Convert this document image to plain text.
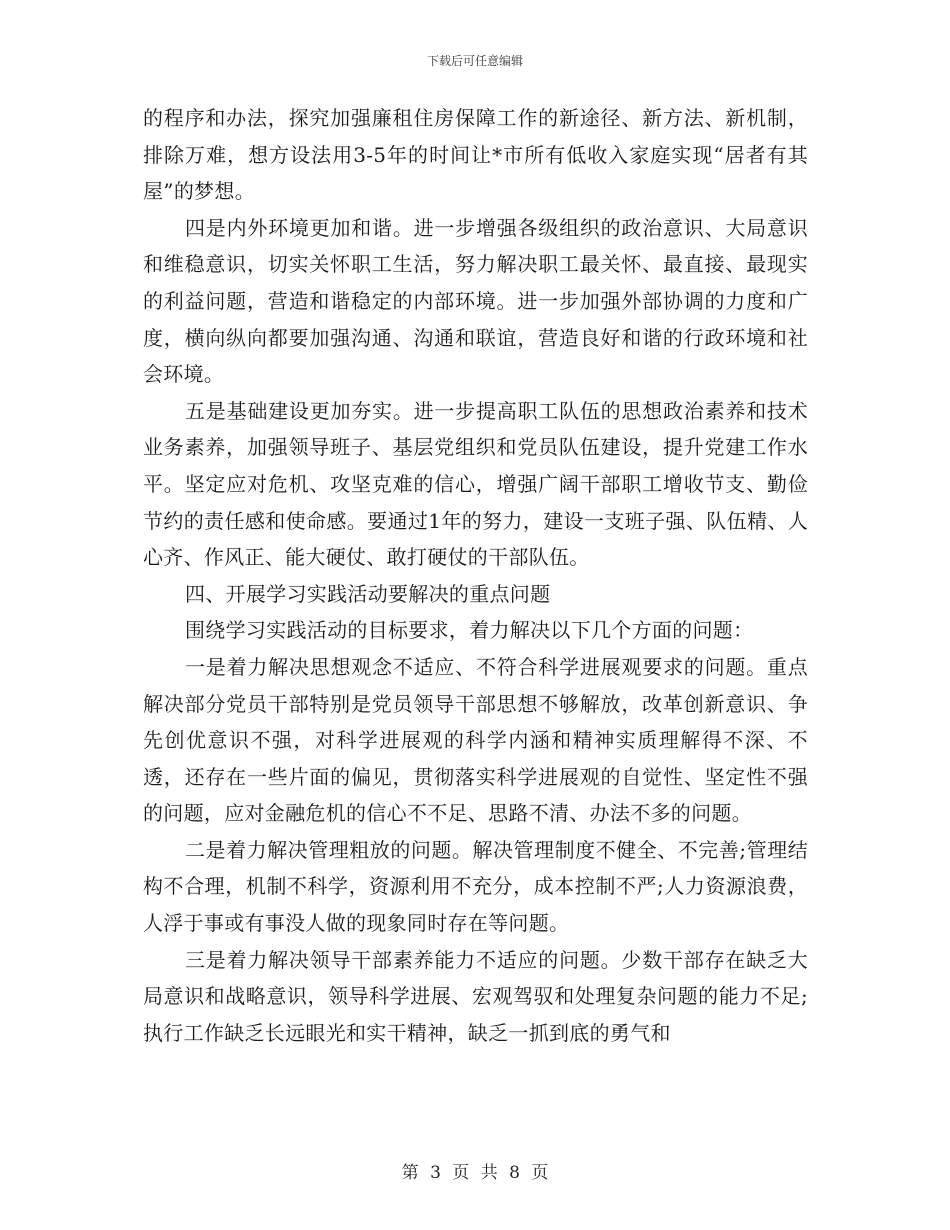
下载后可任意编辑

的程序和办法，探究加强廉租住房保障工作的新途径、新方法、新机制，排除万难，想方设法用3-5年的时间让*市所有低收入家庭实现“居者有其屋”的梦想。

四是内外环境更加和谐。进一步增强各级组织的政治意识、大局意识和维稳意识，切实关怀职工生活，努力解决职工最关怀、最直接、最现实的利益问题，营造和谐稳定的内部环境。进一步加强外部协调的力度和广度，横向纵向都要加强沟通、沟通和联谊，营造良好和谐的行政环境和社会环境。

五是基础建设更加夯实。进一步提高职工队伍的思想政治素养和技术业务素养，加强领导班子、基层党组织和党员队伍建设，提升党建工作水平。坚定应对危机、攻坚克难的信心，增强广阔干部职工增收节支、勤俭节约的责任感和使命感。要通过1年的努力，建设一支班子强、队伍精、人心齐、作风正、能大硬仗、敢打硬仗的干部队伍。

四、开展学习实践活动要解决的重点问题

围绕学习实践活动的目标要求，着力解决以下几个方面的问题：

一是着力解决思想观念不适应、不符合科学进展观要求的问题。重点解决部分党员干部特别是党员领导干部思想不够解放，改革创新意识、争先创优意识不强，对科学进展观的科学内涵和精神实质理解得不深、不透，还存在一些片面的偏见，贯彻落实科学进展观的自觉性、坚定性不强的问题，应对金融危机的信心不不足、思路不清、办法不多的问题。

二是着力解决管理粗放的问题。解决管理制度不健全、不完善;管理结构不合理，机制不科学，资源利用不充分，成本控制不严;人力资源浪费，人浮于事或有事没人做的现象同时存在等问题。

三是着力解决领导干部素养能力不适应的问题。少数干部存在缺乏大局意识和战略意识，领导科学进展、宏观驾驭和处理复杂问题的能力不足;执行工作缺乏长远眼光和实干精神，缺乏一抓到底的勇气和

第 3 页 共 8 页
